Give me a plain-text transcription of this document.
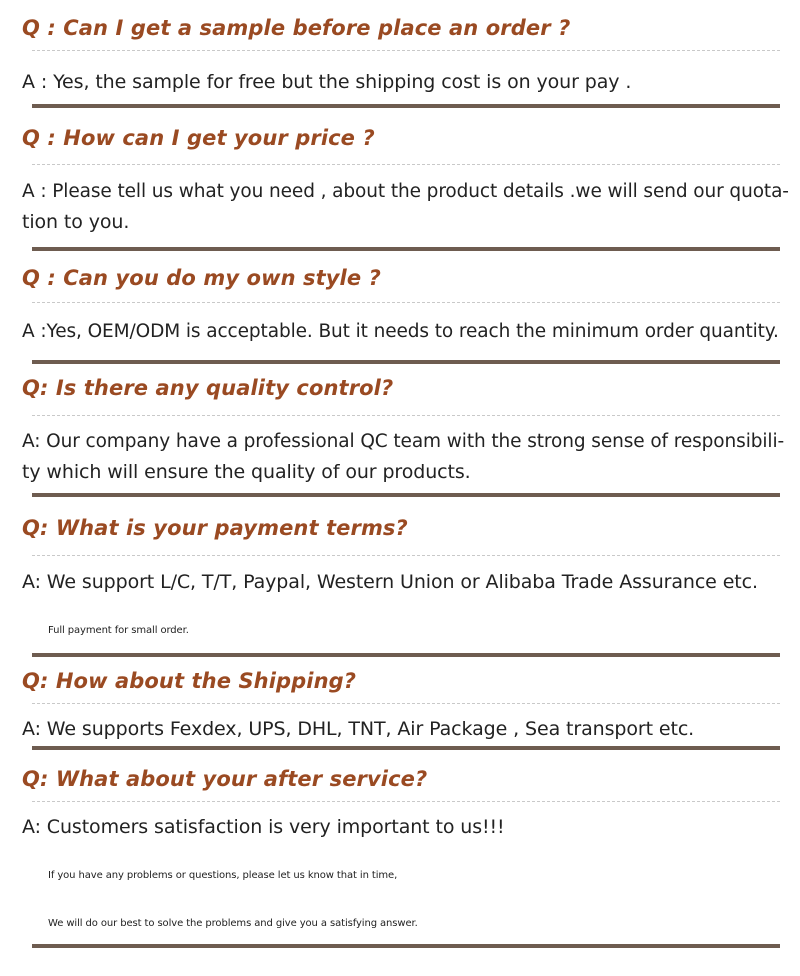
Q : Can I get a sample before place an order ?
A : Yes, the sample for free but the shipping cost is on your pay .
Q : How can I get your price ?
A : Please tell us what you need , about the product details .we will send our quota-
tion to you.
Q : Can you do my own style ?
A :Yes, OEM/ODM is acceptable. But it needs to reach the minimum order quantity.
Q: Is there any quality control?
A: Our company have a professional QC team with the strong sense of responsibili-
ty which will ensure the quality of our products.
Q: What is your payment terms?
A: We support L/C, T/T, Paypal, Western Union or Alibaba Trade Assurance etc.
Full payment for small order.
Q: How about the Shipping?
A: We supports Fexdex, UPS, DHL, TNT, Air Package , Sea transport etc.
Q: What about your after service?
A: Customers satisfaction is very important to us!!!
If you have any problems or questions, please let us know that in time,
We will do our best to solve the problems and give you a satisfying answer.
